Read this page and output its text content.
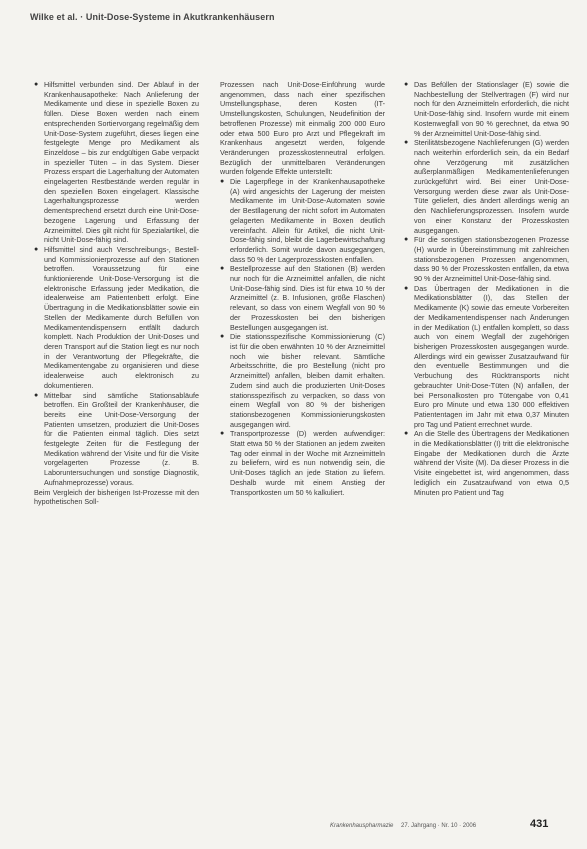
Wilke et al. · Unit-Dose-Systeme in Akutkrankenhäusern

● Hilfsmittel verbunden sind. Der Ablauf in der Krankenhausapotheke: Nach Anlieferung der Medikamente und diese in spezielle Boxen zu füllen. Diese Boxen werden nach einem entsprechenden Sortiervorgang regelmäßig dem Unit-Dose-System zugeführt, dieses liegen eine festgelegte Menge pro Medikament als Einzeldose – bis zur endgültigen Gabe verpackt in spezieller Tüten – in das System. Dieser Prozess erspart die Lagerhaltung der Automaten eingelagerten Restbestände werden regulär in den speziellen Boxen eingelagert. Klassische Lagerhaltungsprozesse werden dementsprechend ersetzt durch eine Unit-Dose-bezogene Lagerung und Erfassung der Arzneimittel. Dies gilt nicht für Spezialartikel, die nicht Unit-Dose-fähig sind.

● Hilfsmittel sind auch Verschreibungs-, Bestell- und Kommissionierprozesse auf den Stationen betroffen. Voraussetzung für eine funktionierende Unit-Dose-Versorgung ist die elektronische Erfassung jeder Medikation, die idealerweise am Patientenbett erfolgt. Eine Übertragung in die Medikationsblätter sowie ein Stellen der Medikamente durch Befüllen von Medikamentendispensern entfällt dadurch komplett. Nach Produktion der Unit-Doses und deren Transport auf die Station liegt es nur noch in der Verantwortung der Pflegekräfte, die Medikamentengabe zu organisieren und diese idealerweise auch elektronisch zu dokumentieren.

● Mittelbar sind sämtliche Stationsabläufe betroffen. Ein Großteil der Krankenhäuser, die bereits eine Unit-Dose-Versorgung der Patienten umsetzen, produziert die Unit-Doses für die Patienten einmal täglich. Dies setzt festgelegte Zeiten für die Festlegung der Medikation während der Visite und für die Visite vorgelagerten Prozesse (z. B. Laboruntersuchungen und sonstige Diagnostik, Aufnahmeprozesse) voraus.

Beim Vergleich der bisherigen Ist-Prozesse mit den hypothetischen Soll-

Prozessen nach Unit-Dose-Einführung wurde angenommen, dass nach einer spezifischen Umstellungsphase, deren Kosten (IT-Umstellungskosten, Schulungen, Neudefinition der betroffenen Prozesse) mit einmalig 200 000 Euro oder etwa 500 Euro pro Arzt und Pflegekraft im Krankenhaus angesetzt werden, folgende Veränderungen prozesskostenneutral erfolgen. Bezüglich der unmittelbaren Veränderungen wurden folgende Effekte unterstellt:

● Die Lagerpflege in der Krankenhausapotheke (A) wird angesichts der Lagerung der meisten Medikamente im Unit-Dose-Automaten sowie der Bestllagerung der nicht sofort im Automaten gelagerten Medikamente in Boxen deutlich vereinfacht. Allein für Artikel, die nicht Unit-Dose-fähig sind, bleibt die Lagerbewirtschaftung erforderlich. Somit wurde davon ausgegangen, dass 50 % der Lagerprozesskosten entfallen.

● Bestellprozesse auf den Stationen (B) werden nur noch für die Arzneimittel anfallen, die nicht Unit-Dose-fähig sind. Dies ist für etwa 10 % der Arzneimittel (z. B. Infusionen, größe Flaschen) relevant, so dass von einem Wegfall von 90 % der Prozesskosten bei den bisherigen Bestellungen ausgegangen ist.

● Die stationsspezifische Kommissionierung (C) ist für die oben erwähnten 10 % der Arzneimittel noch wie bisher relevant. Sämtliche Arbeitsschritte, die pro Bestellung (nicht pro Arzneimittel) anfallen, bleiben damit erhalten. Zudem sind auch die produzierten Unit-Doses stationsspezifisch zu verpacken, so dass von einem Wegfall von 80 % der bisherigen stationsbezogenen Kommissionierungskosten ausgegangen wird.

● Transportprozesse (D) werden aufwendiger: Statt etwa 50 % der Stationen an jedem zweiten Tag oder einmal in der Woche mit Arzneimitteln zu beliefern, wird es nun notwendig sein, die Unit-Doses täglich an jede Station zu liefern. Deshalb wurde mit einem Anstieg der Transportkosten um 50 % kalkuliert.

● Das Befüllen der Stationslager (E) sowie die Nachbestellung der Stellvertragen (F) wird nur noch für den Arzneimitteln erforderlich, die nicht Unit-Dose-fähig sind. Insofern wurde mit einem Kostenwegfall von 90 % gerechnet, da etwa 90 % der Arzneimittel Unit-Dose-fähig sind.

● Sterilitätsbezogene Nachlieferungen (G) werden nach weiterhin erforderlich sein, da ein Bedarf ohne Verzögerung mit zusätzlichen außerplanmäßigen Medikamentenlieferungen zurückgeführt wird. Bei einer Unit-Dose-Versorgung werden diese zwar als Unit-Dose-Tüte geliefert, dies ändert allerdings wenig an den Nachlieferungsprozessen. Insofern wurde von einer Konstanz der Prozesskosten ausgegangen.

● Für die sonstigen stationsbezogenen Prozesse (H) wurde in Übereinstimmung mit zahlreichen stationsbezogenen Prozessen angenommen, dass 90 % der Prozesskosten entfallen, da etwa 90 % der Arzneimittel Unit-Dose-fähig sind.

● Das Übertragen der Medikationen in die Medikationsblätter (I), das Stellen der Medikamente (K) sowie das erneute Vorbereiten der Medikamentendispenser nach Änderungen in der Medikation (L) entfallen komplett, so dass auch von einem Wegfall der zugehörigen bisherigen Prozesskosten ausgegangen wurde. Allerdings wird ein gewisser Zusatzaufwand für den eventuelle Bestimmungen und die Verbuchung des Rücktransports nicht gebrauchter Unit-Dose-Tüten (N) anfallen, der bei Personalkosten pro Tütengabe von 0,41 Euro pro Minute und etwa 130 000 effektiven Patiententagen im Jahr mit etwa 0,37 Minuten pro Tag und Patient errechnet wurde.

● An die Stelle des Übertragens der Medikationen in die Medikationsblätter (I) tritt die elektronische Eingabe der Medikationen durch die Ärzte während der Visite (M). Da dieser Prozess in die Visite eingebettet ist, wird angenommen, dass lediglich ein Zusatzaufwand von etwa 0,5 Minuten pro Patient und Tag

Krankenhauspharmazie 27. Jahrgang · Nr. 10 · 2006	431
